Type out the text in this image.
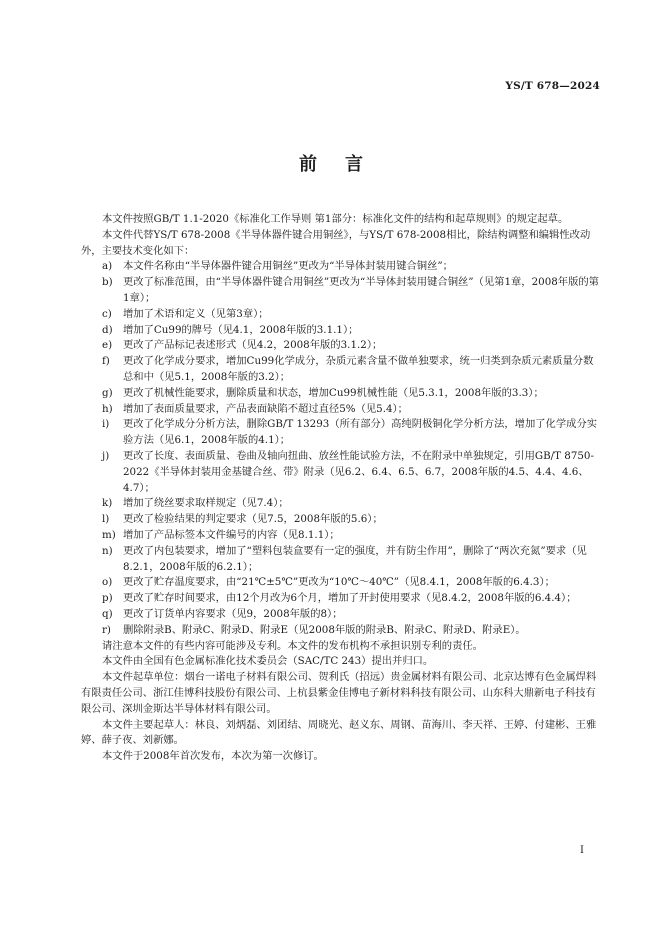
YS/T 678—2024
前言

本文件按照GB/T 1.1-2020《标准化工作导则 第1部分：标准化文件的结构和起草规则》的规定起草。

本文件代替YS/T 678-2008《半导体器件键合用铜丝》，与YS/T 678-2008相比，除结构调整和编辑性改动外，主要技术变化如下：

a) 本文件名称由“半导体器件键合用铜丝”更改为“半导体封装用键合铜丝”；
b) 更改了标准范围，由“半导体器件键合用铜丝”更改为“半导体封装用键合铜丝”（见第1章，2008年版的第1章）；
c) 增加了术语和定义（见第3章）；
d) 增加了Cu99的牌号（见4.1，2008年版的3.1.1）；
e) 更改了产品标记表述形式（见4.2，2008年版的3.1.2）；
f) 更改了化学成分要求，增加Cu99化学成分，杂质元素含量不做单独要求，统一归类到杂质元素质量分数总和中（见5.1，2008年版的3.2）；
g) 更改了机械性能要求，删除质量和状态，增加Cu99机械性能（见5.3.1，2008年版的3.3）；
h) 增加了表面质量要求，产品表面缺陷不超过直径5%（见5.4）；
i) 更改了化学成分分析方法，删除GB/T 13293（所有部分）高纯阴极铜化学分析方法，增加了化学成分实验方法（见6.1，2008年版的4.1）；
j) 更改了长度、表面质量、卷曲及轴向扭曲、放丝性能试验方法，不在附录中单独规定，引用GB/T 8750-2022《半导体封装用金基键合丝、带》附录（见6.2、6.4、6.5、6.7，2008年版的4.5、4.4、4.6、4.7）；
k) 增加了绕丝要求取样规定（见7.4）；
l) 更改了检验结果的判定要求（见7.5，2008年版的5.6）；
m) 增加了产品标签本文件编号的内容（见8.1.1）；
n) 更改了内包装要求，增加了“塑料包装盒要有一定的强度，并有防尘作用”，删除了“两次充氮”要求（见8.2.1，2008年版的6.2.1）；
o) 更改了贮存温度要求，由“21℃±5℃”更改为“10℃～40℃”（见8.4.1，2008年版的6.4.3）；
p) 更改了贮存时间要求，由12个月改为6个月，增加了开封使用要求（见8.4.2，2008年版的6.4.4）；
q) 更改了订货单内容要求（见9，2008年版的8）；
r) 删除附录B、附录C、附录D、附录E（见2008年版的附录B、附录C、附录D、附录E）。

请注意本文件的有些内容可能涉及专利。本文件的发布机构不承担识别专利的责任。

本文件由全国有色金属标准化技术委员会（SAC/TC 243）提出并归口。

本文件起草单位：烟台一诺电子材料有限公司、贺利氏（招远）贵金属材料有限公司、北京达博有色金属焊料有限责任公司、浙江佳博科技股份有限公司、上杭县紫金佳博电子新材料科技有限公司、山东科大鼎新电子科技有限公司、深圳金斯达半导体材料有限公司。

本文件主要起草人：林良、刘炳磊、刘团结、周晓光、赵义东、周钢、苗海川、李天祥、王婷、付建彬、王雅婷、薛子夜、刘新娜。

本文件于2008年首次发布，本次为第一次修订。

I
